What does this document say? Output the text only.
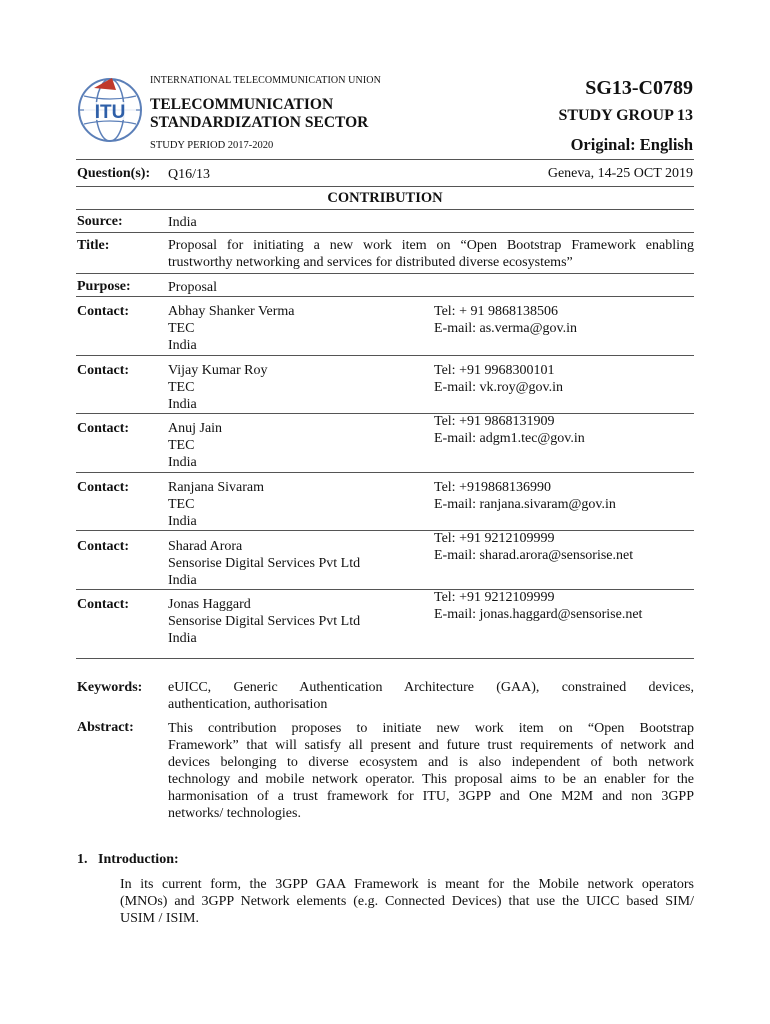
ITU
INTERNATIONAL TELECOMMUNICATION UNION
TELECOMMUNICATION
STANDARDIZATION SECTOR
STUDY PERIOD 2017-2020
SG13-C0789
STUDY GROUP 13
Original: English
Question(s): Q16/13	Geneva, 14-25 OCT 2019
CONTRIBUTION
Source:	India
Title:	Proposal for initiating a new work item on “Open Bootstrap Framework enabling
trustworthy networking and services for distributed diverse ecosystems”
Purpose:	Proposal
Contact:	Abhay Shanker Verma
TEC
India
Tel: + 91 9868138506
E-mail: as.verma@gov.in
Contact:	Vijay Kumar Roy
TEC
India
Tel: +91 9968300101
E-mail: vk.roy@gov.in
Contact:	Anuj Jain
TEC
India
Tel: +91 9868131909
E-mail: adgm1.tec@gov.in
Contact:	Ranjana Sivaram
TEC
India
Tel: +919868136990
E-mail: ranjana.sivaram@gov.in
Contact:	Sharad Arora
Sensorise Digital Services Pvt Ltd
India
Tel: +91 9212109999
E-mail: sharad.arora@sensorise.net
Contact:	Jonas Haggard
Sensorise Digital Services Pvt Ltd
India
Tel: +91 9212109999
E-mail: jonas.haggard@sensorise.net
Keywords: eUICC, Generic Authentication Architecture (GAA), constrained devices,
authentication, authorisation
Abstract: This contribution proposes to initiate new work item on “Open Bootstrap
Framework” that will satisfy all present and future trust requirements of network and
devices belonging to diverse ecosystem and is also independent of both network
technology and mobile network operator. This proposal aims to be an enabler for the
harmonisation of a trust framework for ITU, 3GPP and One M2M and non 3GPP
networks/ technologies.
1.   Introduction:
In its current form, the 3GPP GAA Framework is meant for the Mobile network operators
(MNOs) and 3GPP Network elements (e.g. Connected Devices) that use the UICC based SIM/
USIM / ISIM.
